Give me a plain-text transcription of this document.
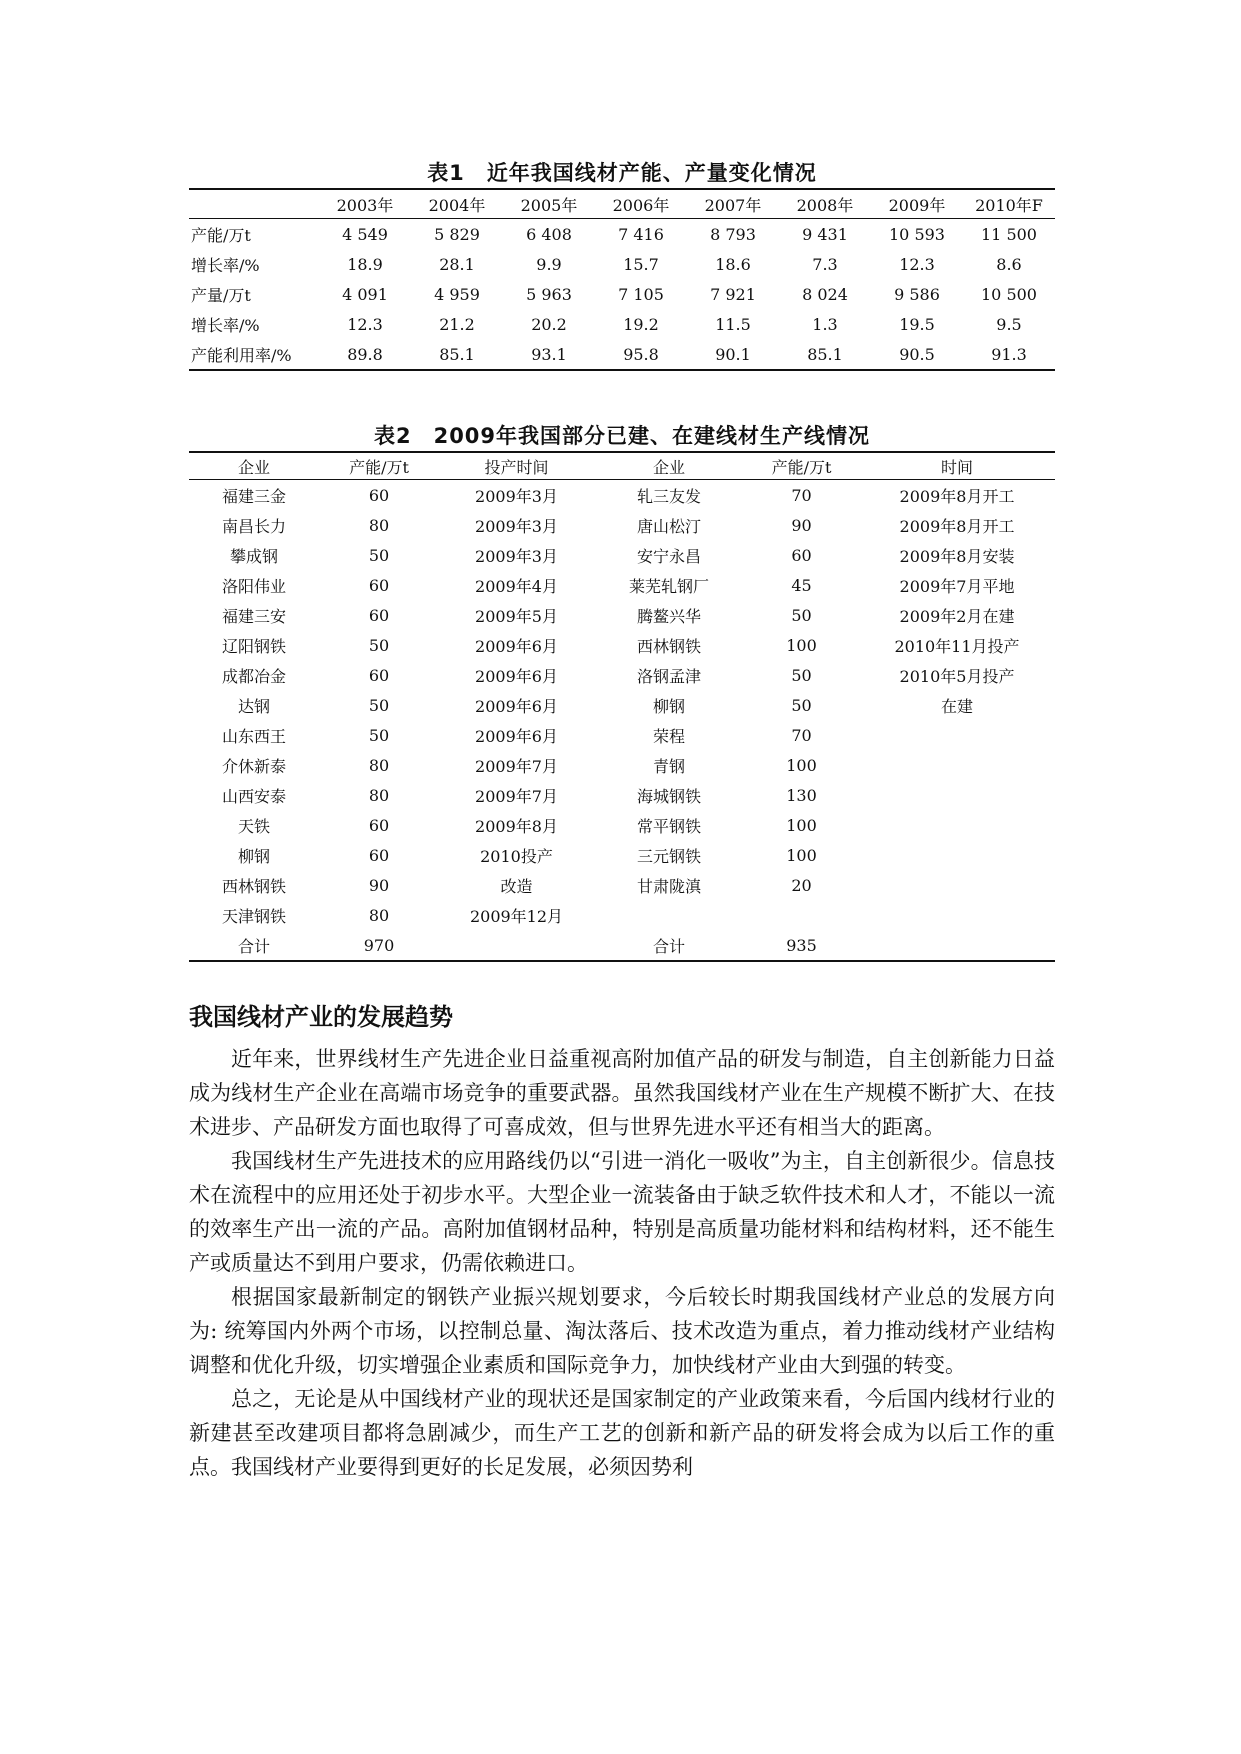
表1 近年我国线材产能、产量变化情况
	2003年	2004年	2005年	2006年	2007年	2008年	2009年	2010年F
产能/万t	4 549	5 829	6 408	7 416	8 793	9 431	10 593	11 500
增长率/%	18.9	28.1	9.9	15.7	18.6	7.3	12.3	8.6
产量/万t	4 091	4 959	5 963	7 105	7 921	8 024	9 586	10 500
增长率/%	12.3	21.2	20.2	19.2	11.5	1.3	19.5	9.5
产能利用率/%	89.8	85.1	93.1	95.8	90.1	85.1	90.5	91.3
表2 2009年我国部分已建、在建线材生产线情况
企业	产能/万t	投产时间	企业	产能/万t	时间
福建三金	60	2009年3月	轧三友发	70	2009年8月开工
南昌长力	80	2009年3月	唐山松汀	90	2009年8月开工
攀成钢	50	2009年3月	安宁永昌	60	2009年8月安装
洛阳伟业	60	2009年4月	莱芜轧钢厂	45	2009年7月平地
福建三安	60	2009年5月	腾鳌兴华	50	2009年2月在建
辽阳钢铁	50	2009年6月	西林钢铁	100	2010年11月投产
成都冶金	60	2009年6月	洛钢孟津	50	2010年5月投产
达钢	50	2009年6月	柳钢	50	在建
山东西王	50	2009年6月	荣程	70	
介休新泰	80	2009年7月	青钢	100	
山西安泰	80	2009年7月	海城钢铁	130	
天铁	60	2009年8月	常平钢铁	100	
柳钢	60	2010投产	三元钢铁	100	
西林钢铁	90	改造	甘肃陇滇	20	
天津钢铁	80	2009年12月			
合计	970		合计	935	
我国线材产业的发展趋势

近年来，世界线材生产先进企业日益重视高附加值产品的研发与制造，自主创新能力日益成为线材生产企业在高端市场竞争的重要武器。虽然我国线材产业在生产规模不断扩大、在技术进步、产品研发方面也取得了可喜成效，但与世界先进水平还有相当大的距离。

我国线材生产先进技术的应用路线仍以“引进一消化一吸收”为主，自主创新很少。信息技术在流程中的应用还处于初步水平。大型企业一流装备由于缺乏软件技术和人才，不能以一流的效率生产出一流的产品。高附加值钢材品种，特别是高质量功能材料和结构材料，还不能生产或质量达不到用户要求，仍需依赖进口。

根据国家最新制定的钢铁产业振兴规划要求，今后较长时期我国线材产业总的发展方向为: 统筹国内外两个市场，以控制总量、淘汰落后、技术改造为重点，着力推动线材产业结构调整和优化升级，切实增强企业素质和国际竞争力，加快线材产业由大到强的转变。

总之，无论是从中国线材产业的现状还是国家制定的产业政策来看，今后国内线材行业的新建甚至改建项目都将急剧减少，而生产工艺的创新和新产品的研发将会成为以后工作的重点。我国线材产业要得到更好的长足发展，必须因势利
